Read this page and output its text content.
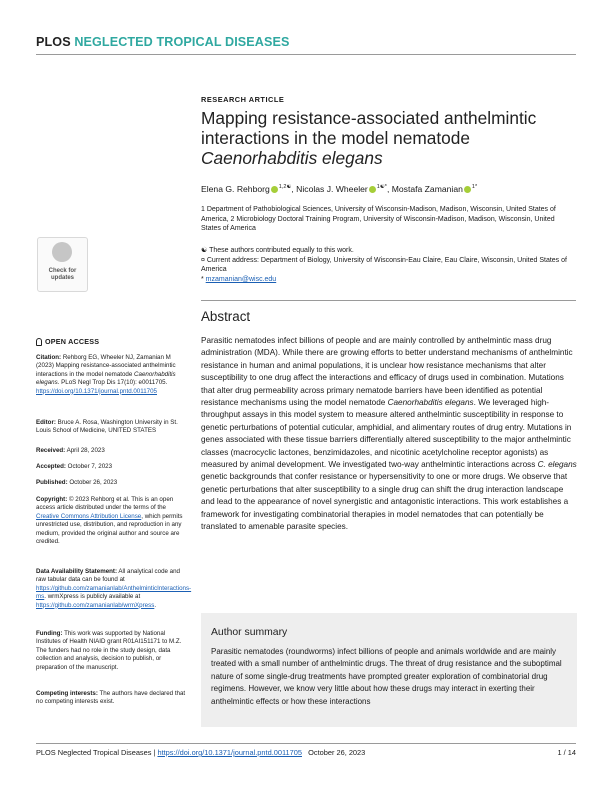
PLOS NEGLECTED TROPICAL DISEASES
RESEARCH ARTICLE
Mapping resistance-associated anthelmintic
interactions in the model nematode
Caenorhabditis elegans
Elena G. Rehborg $^{1,2☯}$, Nicolas J. Wheeler $^{1☯*}$, Mostafa Zamanian $^{1*}$
1 Department of Pathobiological Sciences, University of Wisconsin-Madison, Madison, Wisconsin, United States of America, 2 Microbiology Doctoral Training Program, University of Wisconsin-Madison, Madison, Wisconsin, United States of America

☯ These authors contributed equally to this work.

¤ Current address: Department of Biology, University of Wisconsin-Eau Claire, Eau Claire, Wisconsin, United States of America

* mzamanian@wisc.edu

Check for
updates
OPEN ACCESS

Citation: Rehborg EG, Wheeler NJ, Zamanian M (2023) Mapping resistance-associated anthelmintic interactions in the model nematode Caenorhabditis elegans. PLoS Negl Trop Dis 17(10): e0011705. https://doi.org/10.1371/journal.pntd.0011705

Editor: Bruce A. Rosa, Washington University in St. Louis School of Medicine, UNITED STATES

Received: April 28, 2023

Accepted: October 7, 2023

Published: October 26, 2023

Copyright: © 2023 Rehborg et al. This is an open access article distributed under the terms of the Creative Commons Attribution License, which permits unrestricted use, distribution, and reproduction in any medium, provided the original author and source are credited.

Data Availability Statement: All analytical code and raw tabular data can be found at https://github.com/zamanianlab/AnthelminticInteractions-ms. wrmXpress is publicly available at https://github.com/zamanianlab/wrmXpress.

Funding: This work was supported by National Institutes of Health NIAID grant R01AI151171 to M.Z. The funders had no role in the study design, data collection and analysis, decision to publish, or preparation of the manuscript.

Competing interests: The authors have declared that no competing interests exist.

Abstract

Parasitic nematodes infect billions of people and are mainly controlled by anthelmintic mass drug administration (MDA). While there are growing efforts to better understand mechanisms of anthelmintic resistance in human and animal populations, it is unclear how resistance mechanisms that alter susceptibility to one drug affect the interactions and efficacy of drugs used in combination. Mutations that alter drug permeability across primary nematode barriers have been identified as potential resistance mechanisms using the model nematode Caenorhabditis elegans. We leveraged high-throughput assays in this model system to measure altered anthelmintic susceptibility in response to genetic perturbations of potential cuticular, amphidial, and alimentary routes of drug entry. Mutations in genes associated with these tissue barriers differentially altered susceptibility to the major anthelmintic classes (macrocyclic lactones, benzimidazoles, and nicotinic acetylcholine receptor agonists) as measured by animal development. We investigated two-way anthelmintic interactions across C. elegans genetic backgrounds that confer resistance or hypersensitivity to one or more drugs. We observe that genetic perturbations that alter susceptibility to a single drug can shift the drug interaction landscape and lead to the appearance of novel synergistic and antagonistic interactions. This work establishes a framework for investigating combinatorial therapies in model nematodes that can potentially be translated to amenable parasite species.

Author summary

Parasitic nematodes (roundworms) infect billions of people and animals worldwide and are mainly treated with a small number of anthelmintic drugs. The threat of drug resistance and the suboptimal nature of some single-drug treatments have prompted greater exploration of combinatorial drug regimens. However, we know very little about how these drugs may interact in exerting their anthelmintic effects or how these interactions

PLOS Neglected Tropical Diseases | https://doi.org/10.1371/journal.pntd.0011705 October 26, 2023	1 / 14
